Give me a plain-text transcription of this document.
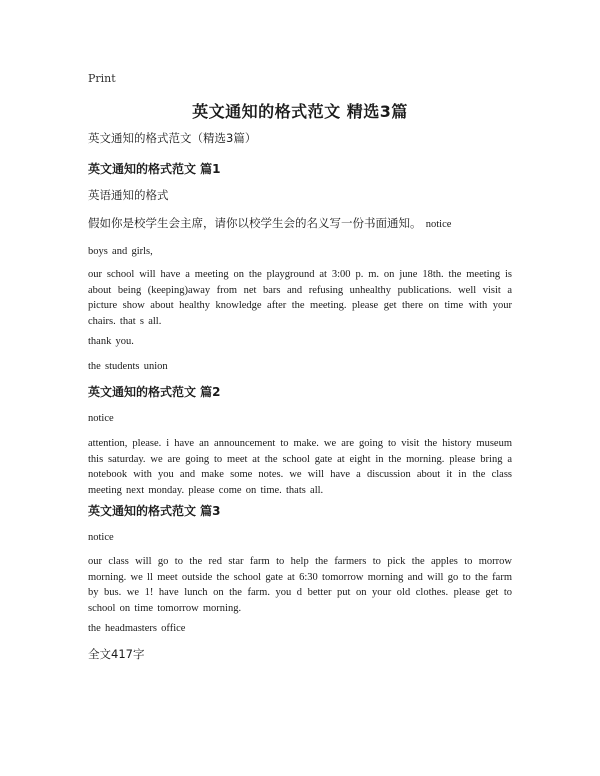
Print
英文通知的格式范文 精选3篇
英文通知的格式范文（精选3篇）
英文通知的格式范文 篇1
英语通知的格式
假如你是校学生会主席，请你以校学生会的名义写一份书面通知。 notice
boys and girls,
our school will have a meeting on the playground at 3:00 p. m. on june 18th. the meeting is about being (keeping)away from net bars and refusing unhealthy publications. well visit a picture show about healthy knowledge after the meeting. please get there on time with your chairs. that s all.
thank you.
the students union
英文通知的格式范文 篇2
notice
attention, please. i have an announcement to make. we are going to visit the history museum this saturday. we are going to meet at the school gate at eight in the morning. please bring a notebook with you and make some notes. we will have a discussion about it in the class meeting next monday. please come on time. thats all.
英文通知的格式范文 篇3
notice
our class will go to the red star farm to help the farmers to pick the apples to morrow morning. we ll meet outside the school gate at 6:30 tomorrow morning and will go to the farm by bus. we 1! have lunch on the farm. you d better put on your old clothes. please get to school on time tomorrow morning.
the headmasters office
全文417字
